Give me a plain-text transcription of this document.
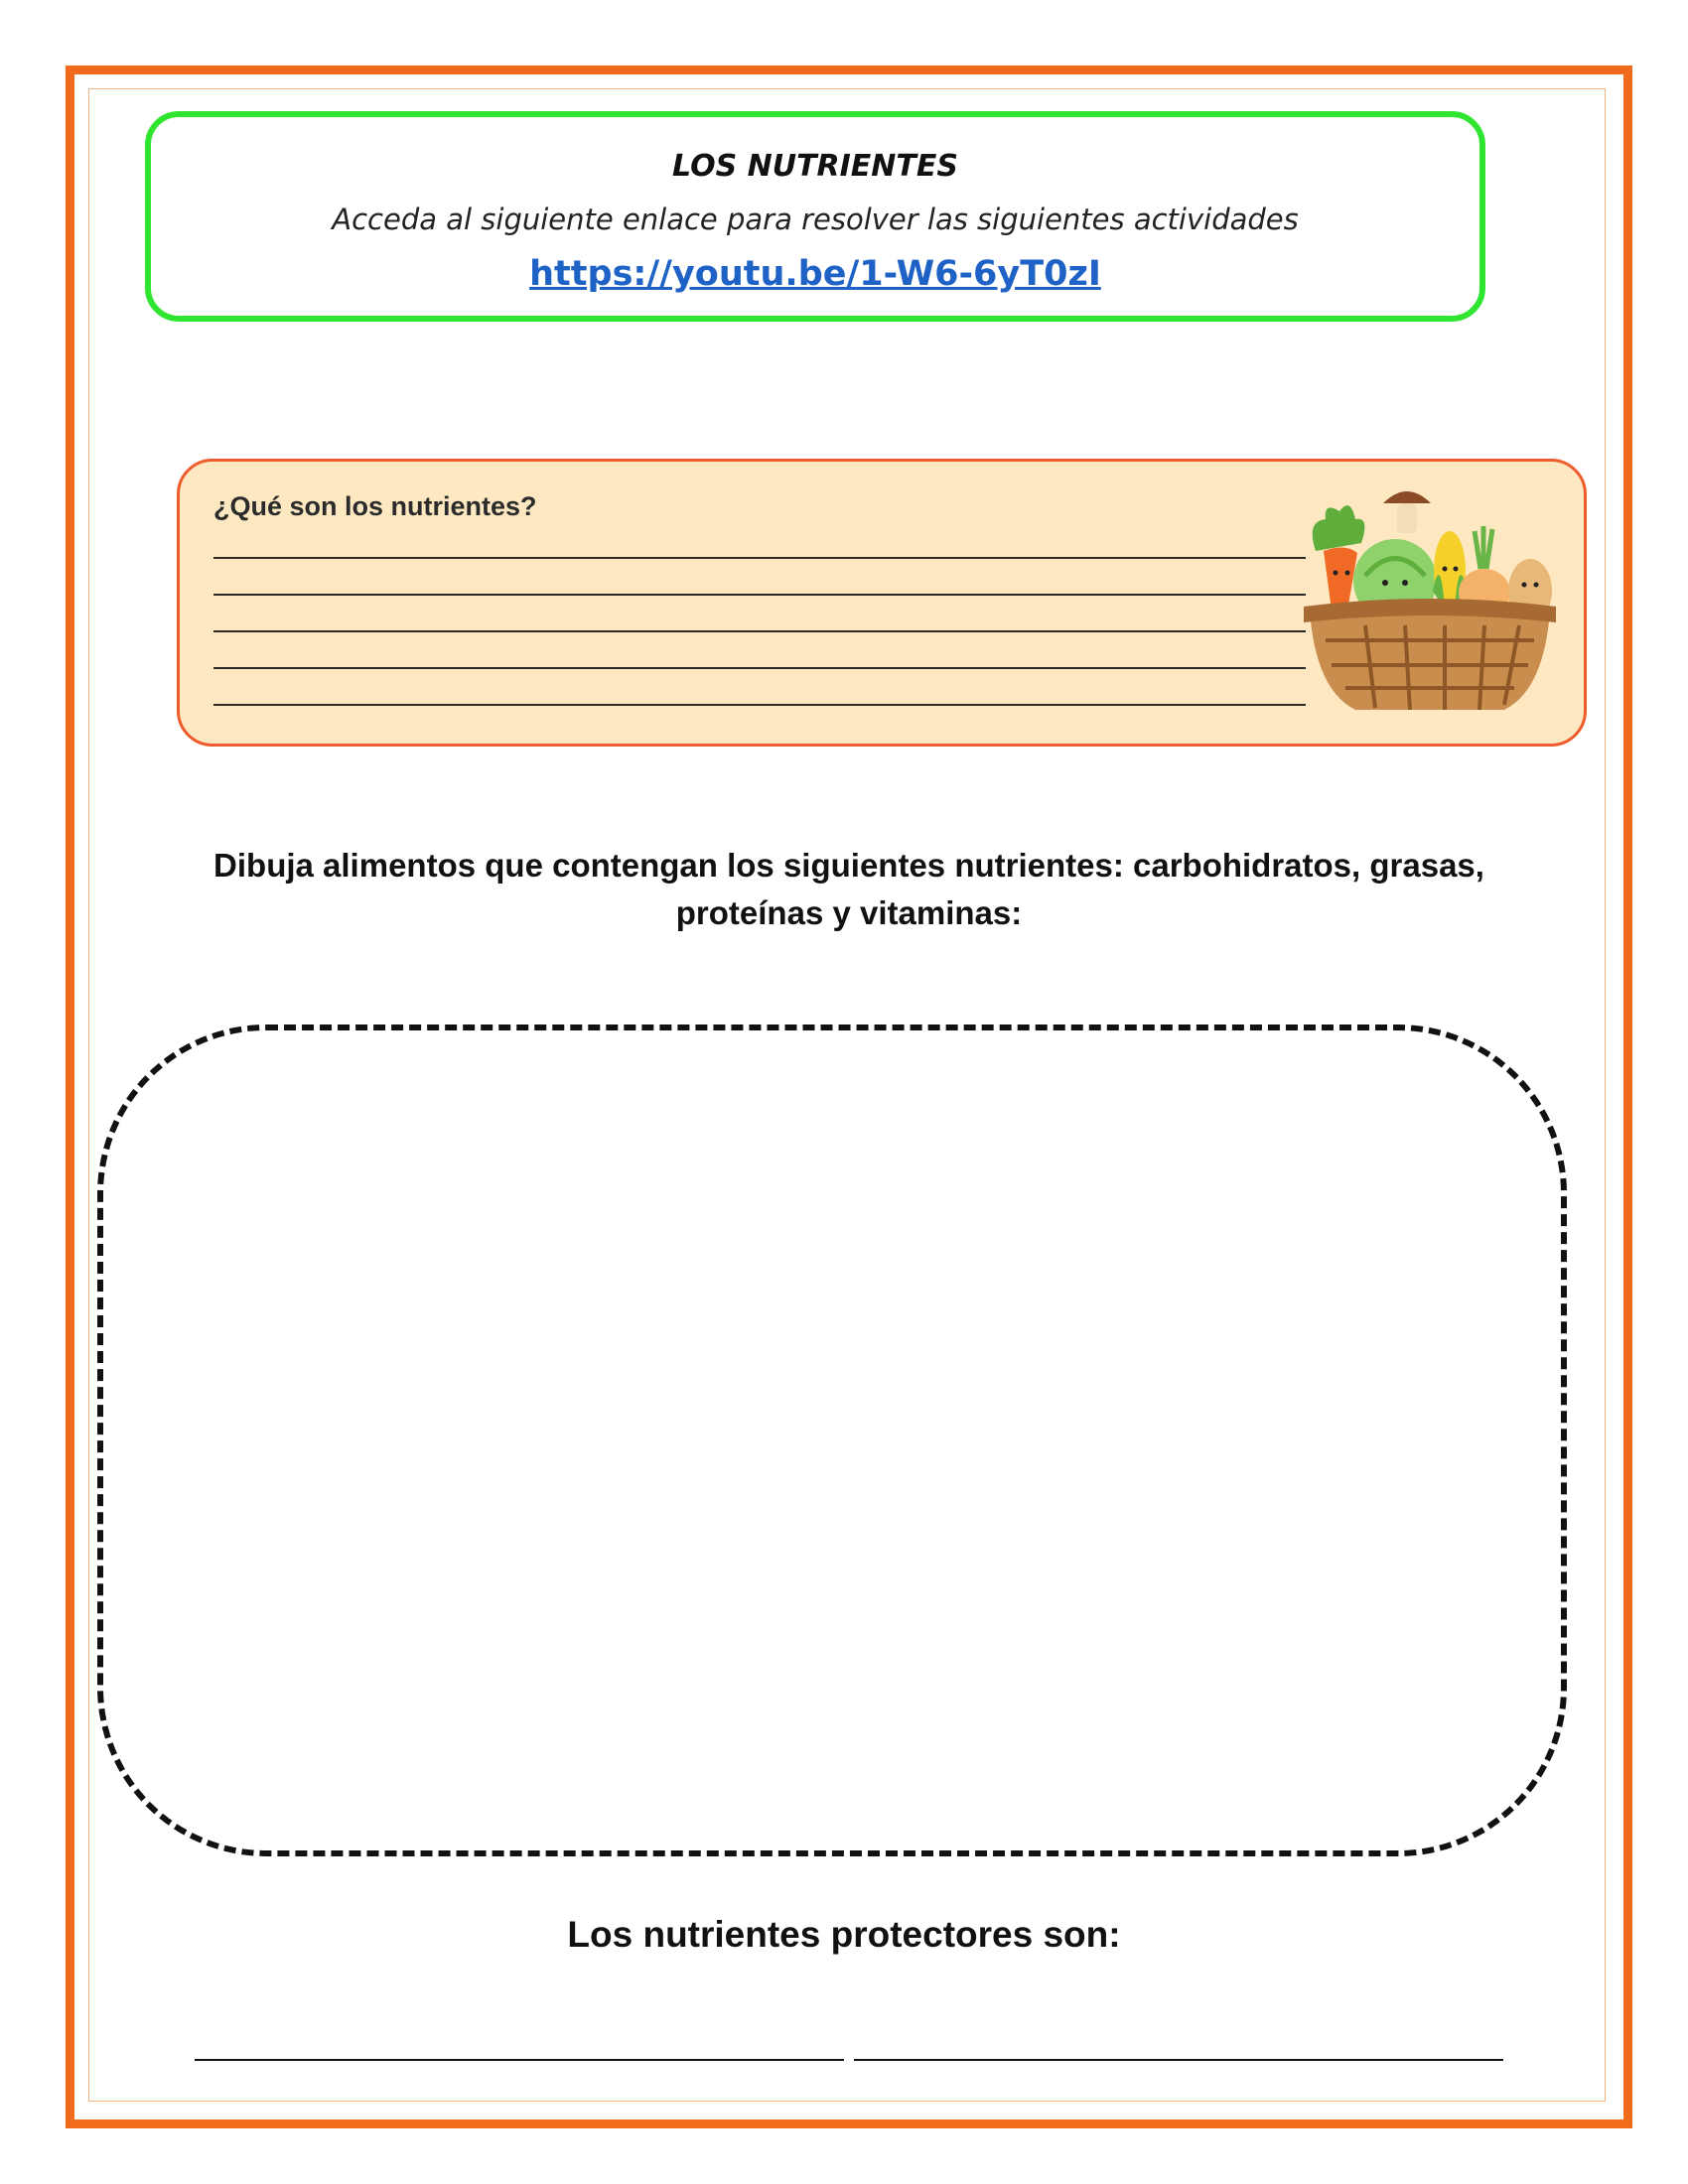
LOS NUTRIENTES
Acceda al siguiente enlace para resolver las siguientes actividades
https://youtu.be/1-W6-6yT0zI
¿Qué son los nutrientes?
Dibuja alimentos que contengan los siguientes nutrientes: carbohidratos, grasas,
proteínas y vitaminas:
Los nutrientes protectores son:
